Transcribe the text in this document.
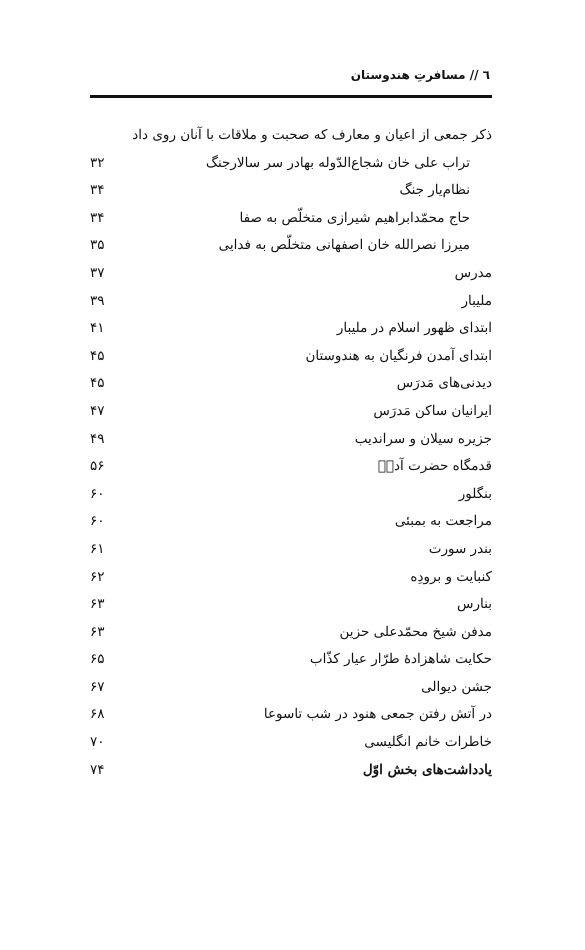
٦ // مسافرتِ هندوستان
ذکر جمعی از اعیان و معارف که صحبت و ملاقات با آنان روی داد
تراب علی خان شجاع‌الدّوله بهادر سر سالارجنگ
۳۲
نظام‌یار جنگ
۳۴
حاج محمّدابراهیم شیرازی متخلّص به صفا
۳۴
میرزا نصرالله خان اصفهانی متخلّص به فدایی
۳۵
مدرس
۳۷
ملیبار
۳۹
ابتدای ظهور اسلام در ملیبار
۴۱
ابتدای آمدن فرنگیان به هندوستان
۴۵
دیدنی‌های مَدرَس
۴۵
ایرانیان ساکن مَدرَس
۴۷
جزیره سیلان و سراندیب
۴۹
قدمگاه حضرت آدمؑ
۵۶
بنگلور
۶۰
مراجعت به بمبئی
۶۰
بندر سورت
۶۱
کنبایت و برودِه
۶۲
بنارس
۶۳
مدفن شیخ محمّدعلی حزین
۶۳
حکایت شاهزادهٔ طرّار عیار کذّاب
۶۵
جشن دیوالی
۶۷
در آتش رفتن جمعی هنود در شب تاسوعا
۶۸
خاطرات خانم انگلیسی
۷۰
یادداشت‌های بخش اوّل
۷۴
